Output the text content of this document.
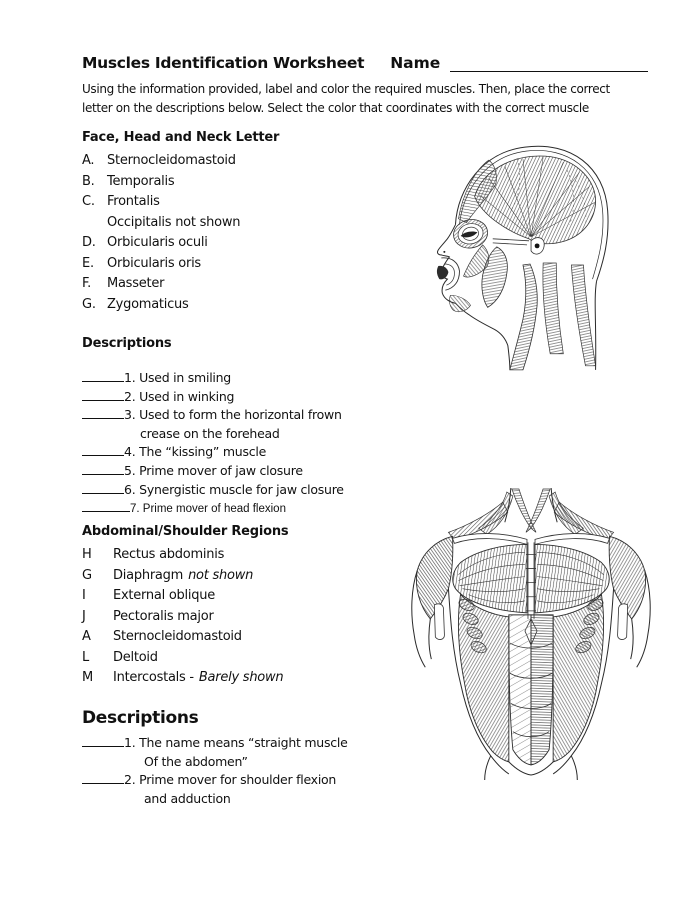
Muscles Identification Worksheet Name
Using the information provided, label and color the required muscles. Then, place the correct
letter on the descriptions below. Select the color that coordinates with the correct muscle
Face, Head and Neck Letter
A. Sternocleidomastoid
B. Temporalis
C. Frontalis
Occipitalis not shown
D. Orbicularis oculi
E. Orbicularis oris
F. Masseter
G. Zygomaticus
Descriptions
1. Used in smiling
2. Used in winking
3. Used to form the horizontal frown
crease on the forehead
4. The “kissing” muscle
5. Prime mover of jaw closure
6. Synergistic muscle for jaw closure
7. Prime mover of head flexion
Abdominal/Shoulder Regions
H Rectus abdominis
G Diaphragm not shown
I External oblique
J Pectoralis major
A Sternocleidomastoid
L Deltoid
M Intercostals - Barely shown
Descriptions
1. The name means “straight muscle
Of the abdomen”
2. Prime mover for shoulder flexion
and adduction
